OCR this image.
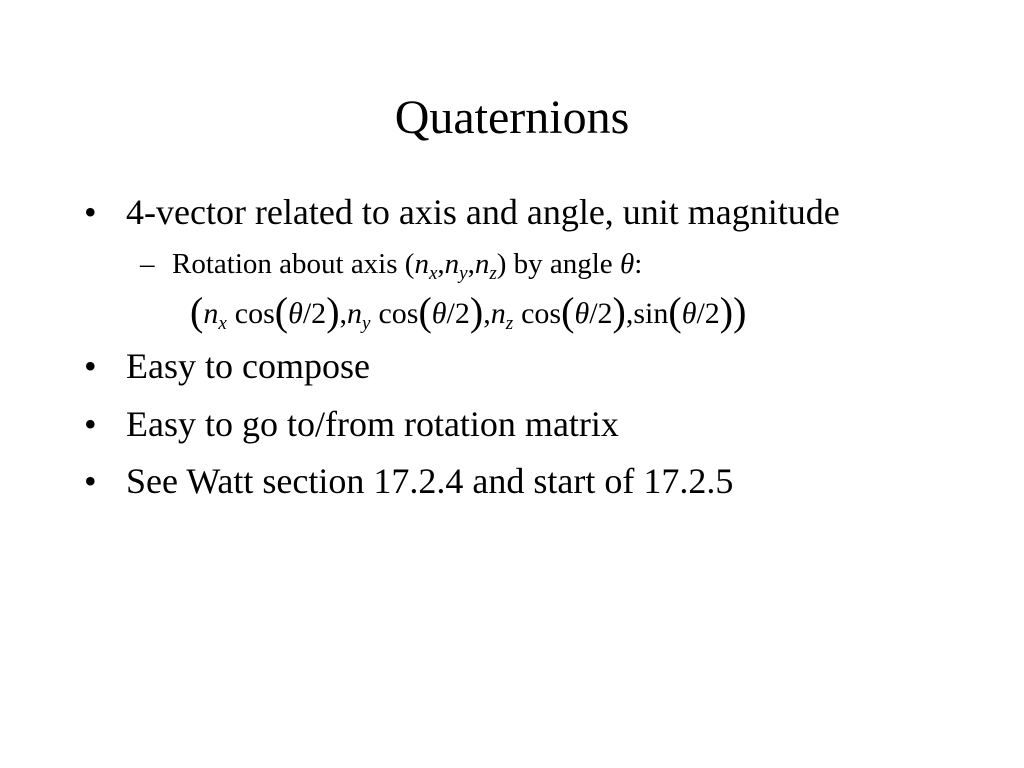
Quaternions
• 4-vector related to axis and angle, unit magnitude
– Rotation about axis $(n_x,n_y,n_z)$ by angle θ:
($n_x$ $\cos(\theta/2),n_y$ $\cos(\theta/2),n_z$ cos(θ/2),sin(θ/2))
• Easy to compose
• Easy to go to/from rotation matrix
• See Watt section 17.2.4 and start of 17.2.5
